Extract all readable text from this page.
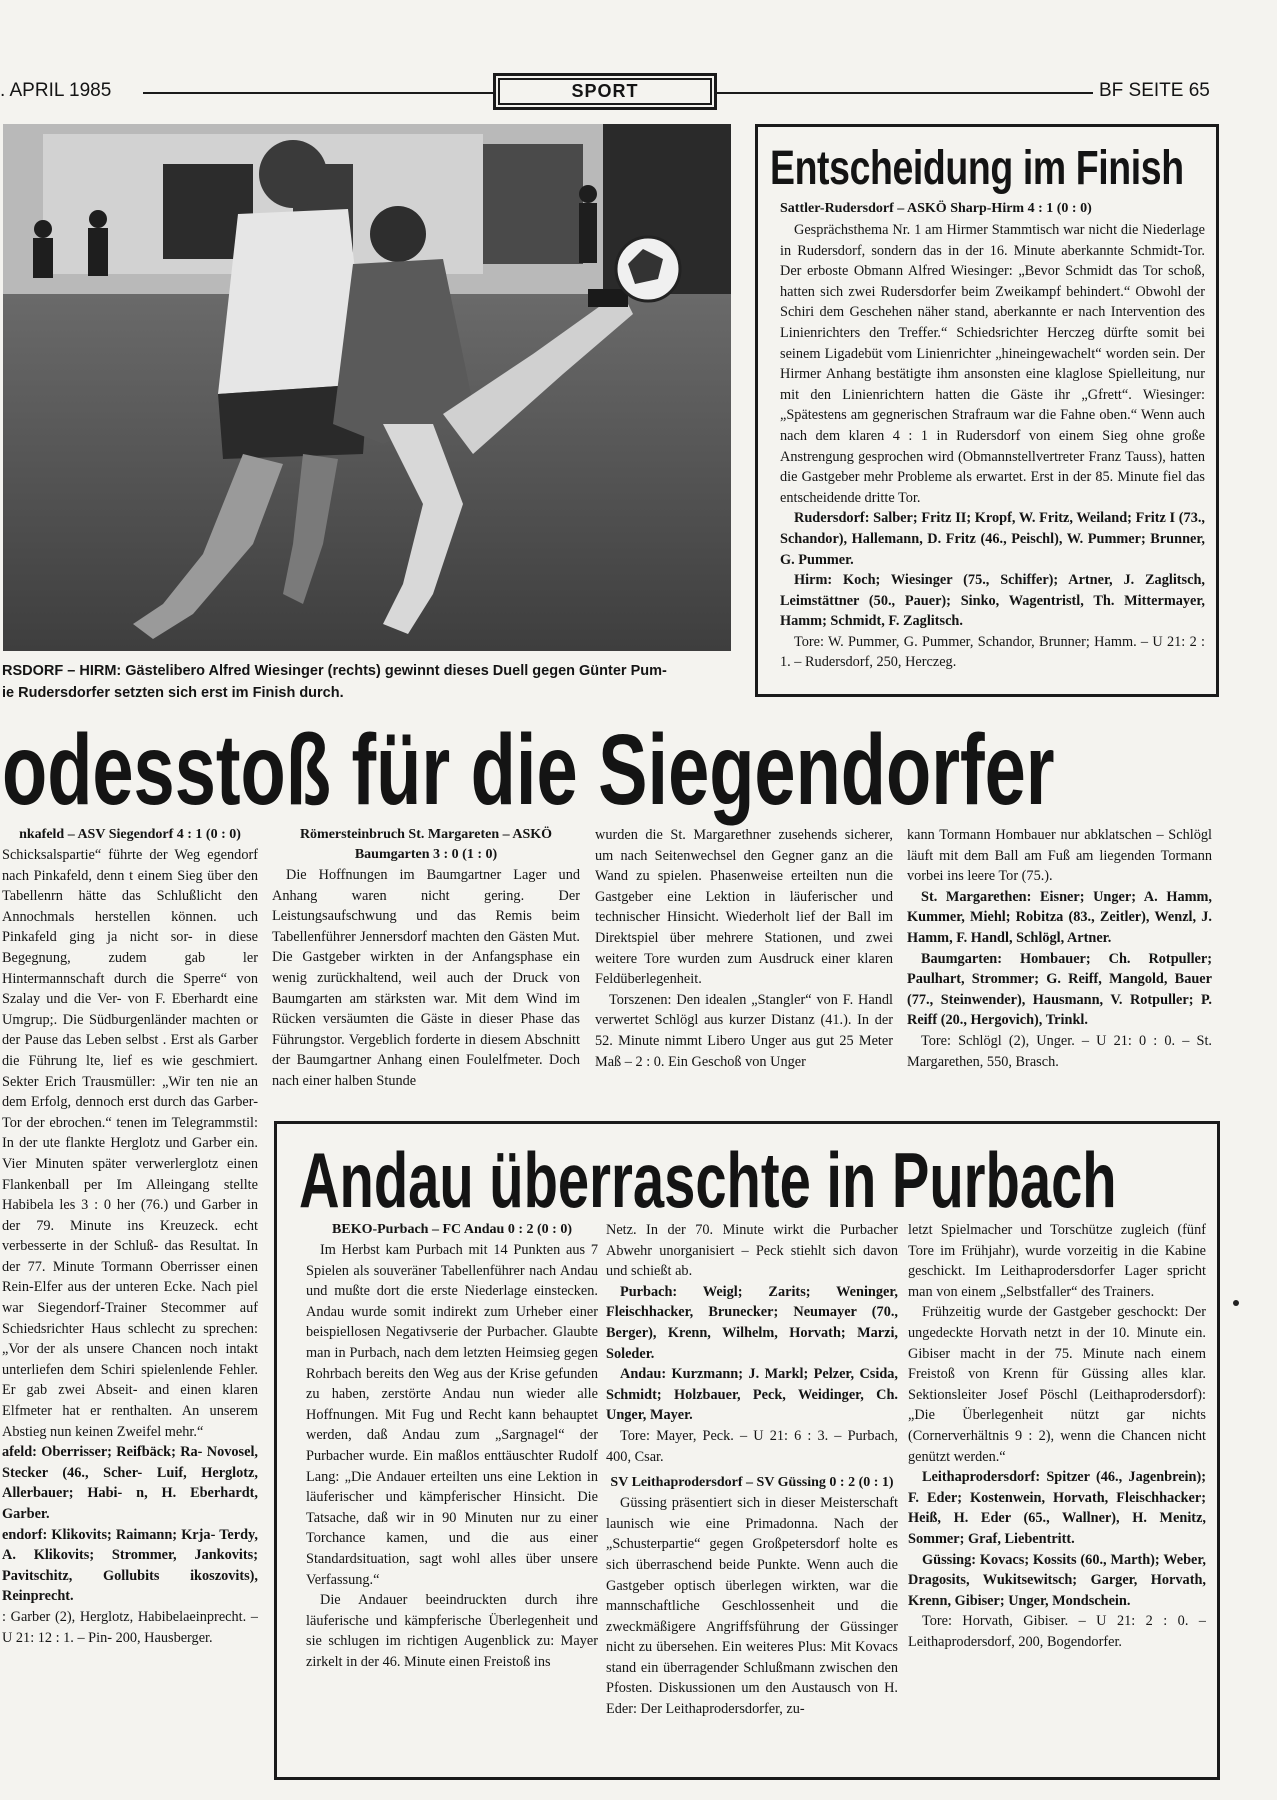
. APRIL 1985	SPORT	BF SEITE 65
RSDORF – HIRM: Gästelibero Alfred Wiesinger (rechts) gewinnt dieses Duell gegen Günter Pum-
ie Rudersdorfer setzten sich erst im Finish durch.
Entscheidung im Finish
Sattler-Rudersdorf – ASKÖ Sharp-Hirm 4 : 1 (0 : 0)

Gesprächsthema Nr. 1 am Hirmer Stammtisch war nicht die Niederlage in Rudersdorf, sondern das in der 16. Minute aberkannte Schmidt-Tor. Der erboste Obmann Alfred Wiesinger: „Bevor Schmidt das Tor schoß, hatten sich zwei Rudersdorfer beim Zweikampf behindert.“ Obwohl der Schiri dem Geschehen näher stand, aberkannte er nach Intervention des Linienrichters den Treffer.“ Schiedsrichter Herczeg dürfte somit bei seinem Ligadebüt vom Linienrichter „hineingewachelt“ worden sein. Der Hirmer Anhang bestätigte ihm ansonsten eine klaglose Spielleitung, nur mit den Linienrichtern hatten die Gäste ihr „Gfrett“. Wiesinger: „Spätestens am gegnerischen Strafraum war die Fahne oben.“ Wenn auch nach dem klaren 4 : 1 in Rudersdorf von einem Sieg ohne große Anstrengung gesprochen wird (Obmannstellvertreter Franz Tauss), hatten die Gastgeber mehr Probleme als erwartet. Erst in der 85. Minute fiel das entscheidende dritte Tor.

Rudersdorf: Salber; Fritz II; Kropf, W. Fritz, Weiland; Fritz I (73., Schandor), Hallemann, D. Fritz (46., Peischl), W. Pummer; Brunner, G. Pummer.

Hirm: Koch; Wiesinger (75., Schiffer); Artner, J. Zaglitsch, Leimstättner (50., Pauer); Sinko, Wagentristl, Th. Mittermayer, Hamm; Schmidt, F. Zaglitsch.

Tore: W. Pummer, G. Pummer, Schandor, Brunner; Hamm. – U 21: 2 : 1. – Rudersdorf, 250, Herczeg.

odesstoß für die Siegendorfer
nkafeld – ASV Siegendorf 4 : 1 (0 : 0)

Schicksalspartie“ führte der Weg egendorf nach Pinkafeld, denn t einem Sieg über den Tabellenrn hätte das Schlußlicht den Annochmals herstellen können. uch Pinkafeld ging ja nicht sor- in diese Begegnung, zudem gab ler Hintermannschaft durch die Sperre“ von Szalay und die Ver- von F. Eberhardt eine Umgrup;. Die Südburgenländer machten or der Pause das Leben selbst . Erst als Garber die Führung lte, lief es wie geschmiert. Sekter Erich Trausmüller: „Wir ten nie an dem Erfolg, dennoch erst durch das Garber-Tor der ebrochen.“ tenen im Telegrammstil: In der ute flankte Herglotz und Garber ein. Vier Minuten später verwerlerglotz einen Flankenball per Im Alleingang stellte Habibela les 3 : 0 her (76.) und Garber in der 79. Minute ins Kreuzeck. echt verbesserte in der Schluß- das Resultat. In der 77. Minute Tormann Oberrisser einen Rein-Elfer aus der unteren Ecke. Nach piel war Siegendorf-Trainer Stecommer auf Schiedsrichter Haus schlecht zu sprechen: „Vor der als unsere Chancen noch intakt unterliefen dem Schiri spielenlende Fehler. Er gab zwei Abseit- and einen klaren Elfmeter hat er renthalten. An unserem Abstieg nun keinen Zweifel mehr.“

afeld: Oberrisser; Reifbäck; Ra- Novosel, Stecker (46., Scher- Luif, Herglotz, Allerbauer; Habi- n, H. Eberhardt, Garber.

endorf: Klikovits; Raimann; Krja- Terdy, A. Klikovits; Strommer, Jankovits; Pavitschitz, Gollubits ikoszovits), Reinprecht.

: Garber (2), Herglotz, Habibelaeinprecht. – U 21: 12 : 1. – Pin- 200, Hausberger.

Römersteinbruch St. Margareten – ASKÖ Baumgarten 3 : 0 (1 : 0)

Die Hoffnungen im Baumgartner Lager und Anhang waren nicht gering. Der Leistungsaufschwung und das Remis beim Tabellenführer Jennersdorf machten den Gästen Mut. Die Gastgeber wirkten in der Anfangsphase ein wenig zurückhaltend, weil auch der Druck von Baumgarten am stärksten war. Mit dem Wind im Rücken versäumten die Gäste in dieser Phase das Führungstor. Vergeblich forderte in diesem Abschnitt der Baumgartner Anhang einen Foulelfmeter. Doch nach einer halben Stunde

wurden die St. Margarethner zusehends sicherer, um nach Seitenwechsel den Gegner ganz an die Wand zu spielen. Phasenweise erteilten nun die Gastgeber eine Lektion in läuferischer und technischer Hinsicht. Wiederholt lief der Ball im Direktspiel über mehrere Stationen, und zwei weitere Tore wurden zum Ausdruck einer klaren Feldüberlegenheit.

Torszenen: Den idealen „Stangler“ von F. Handl verwertet Schlögl aus kurzer Distanz (41.). In der 52. Minute nimmt Libero Unger aus gut 25 Meter Maß – 2 : 0. Ein Geschoß von Unger

kann Tormann Hombauer nur abklatschen – Schlögl läuft mit dem Ball am Fuß am liegenden Tormann vorbei ins leere Tor (75.).

St. Margarethen: Eisner; Unger; A. Hamm, Kummer, Miehl; Robitza (83., Zeitler), Wenzl, J. Hamm, F. Handl, Schlögl, Artner.

Baumgarten: Hombauer; Ch. Rotpuller; Paulhart, Strommer; G. Reiff, Mangold, Bauer (77., Steinwender), Hausmann, V. Rotpuller; P. Reiff (20., Hergovich), Trinkl.

Tore: Schlögl (2), Unger. – U 21: 0 : 0. – St. Margarethen, 550, Brasch.

Andau überraschte in Purbach
BEKO-Purbach – FC Andau 0 : 2 (0 : 0)

Im Herbst kam Purbach mit 14 Punkten aus 7 Spielen als souveräner Tabellenführer nach Andau und mußte dort die erste Niederlage einstecken. Andau wurde somit indirekt zum Urheber einer beispiellosen Negativserie der Purbacher. Glaubte man in Purbach, nach dem letzten Heimsieg gegen Rohrbach bereits den Weg aus der Krise gefunden zu haben, zerstörte Andau nun wieder alle Hoffnungen. Mit Fug und Recht kann behauptet werden, daß Andau zum „Sargnagel“ der Purbacher wurde. Ein maßlos enttäuschter Rudolf Lang: „Die Andauer erteilten uns eine Lektion in läuferischer und kämpferischer Hinsicht. Die Tatsache, daß wir in 90 Minuten nur zu einer Torchance kamen, und die aus einer Standardsituation, sagt wohl alles über unsere Verfassung.“

Die Andauer beeindruckten durch ihre läuferische und kämpferische Überlegenheit und sie schlugen im richtigen Augenblick zu: Mayer zirkelt in der 46. Minute einen Freistoß ins

Netz. In der 70. Minute wirkt die Purbacher Abwehr unorganisiert – Peck stiehlt sich davon und schießt ab.

Purbach: Weigl; Zarits; Weninger, Fleischhacker, Brunecker; Neumayer (70., Berger), Krenn, Wilhelm, Horvath; Marzi, Soleder.

Andau: Kurzmann; J. Markl; Pelzer, Csida, Schmidt; Holzbauer, Peck, Weidinger, Ch. Unger, Mayer.

Tore: Mayer, Peck. – U 21: 6 : 3. – Purbach, 400, Csar.

SV Leithaprodersdorf – SV Güssing 0 : 2 (0 : 1)

Güssing präsentiert sich in dieser Meisterschaft launisch wie eine Primadonna. Nach der „Schusterpartie“ gegen Großpetersdorf holte es sich überraschend beide Punkte. Wenn auch die Gastgeber optisch überlegen wirkten, war die mannschaftliche Geschlossenheit und die zweckmäßigere Angriffsführung der Güssinger nicht zu übersehen. Ein weiteres Plus: Mit Kovacs stand ein überragender Schlußmann zwischen den Pfosten. Diskussionen um den Austausch von H. Eder: Der Leithaprodersdorfer, zu-

letzt Spielmacher und Torschütze zugleich (fünf Tore im Frühjahr), wurde vorzeitig in die Kabine geschickt. Im Leithaprodersdorfer Lager spricht man von einem „Selbstfaller“ des Trainers.

Frühzeitig wurde der Gastgeber geschockt: Der ungedeckte Horvath netzt in der 10. Minute ein. Gibiser macht in der 75. Minute nach einem Freistoß von Krenn für Güssing alles klar. Sektionsleiter Josef Pöschl (Leithaprodersdorf): „Die Überlegenheit nützt gar nichts (Cornerverhältnis 9 : 2), wenn die Chancen nicht genützt werden.“

Leithaprodersdorf: Spitzer (46., Jagenbrein); F. Eder; Kostenwein, Horvath, Fleischhacker; Heiß, H. Eder (65., Wallner), H. Menitz, Sommer; Graf, Liebentritt.

Güssing: Kovacs; Kossits (60., Marth); Weber, Dragosits, Wukitsewitsch; Garger, Horvath, Krenn, Gibiser; Unger, Mondschein.

Tore: Horvath, Gibiser. – U 21: 2 : 0. – Leithaprodersdorf, 200, Bogendorfer.
